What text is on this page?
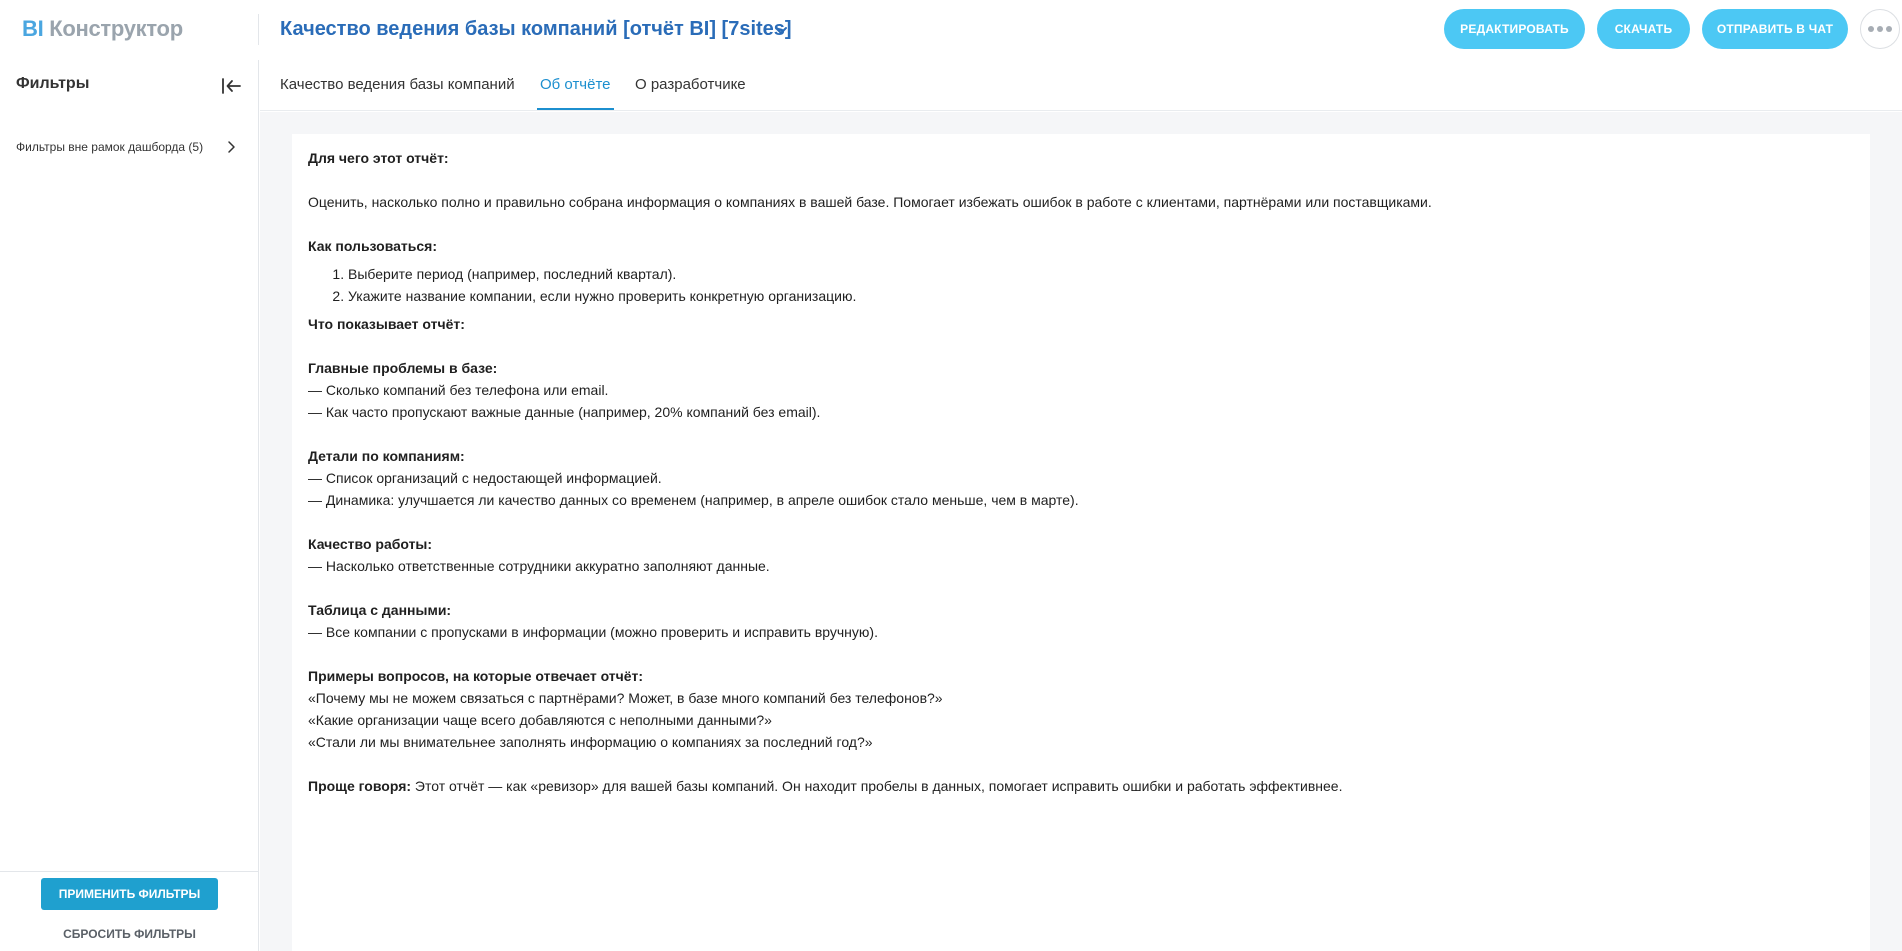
BI Конструктор	Качество ведения базы компаний [отчёт BI] [7sites]	РЕДАКТИРОВАТЬ	СКАЧАТЬ	ОТПРАВИТЬ В ЧАТ
Фильтры
Фильтры вне рамок дашборда (5)
ПРИМЕНИТЬ ФИЛЬТРЫ
СБРОСИТЬ ФИЛЬТРЫ
Качество ведения базы компаний Об отчёте О разработчике

Для чего этот отчёт:

Оценить, насколько полно и правильно собрана информация о компаниях в вашей базе. Помогает избежать ошибок в работе с клиентами, партнёрами или поставщиками.

Как пользоваться:

1. Выберите период (например, последний квартал).
2. Укажите название компании, если нужно проверить конкретную организацию.

Что показывает отчёт:

Главные проблемы в базе:

— Сколько компаний без телефона или email.

— Как часто пропускают важные данные (например, 20% компаний без email).

Детали по компаниям:

— Список организаций с недостающей информацией.

— Динамика: улучшается ли качество данных со временем (например, в апреле ошибок стало меньше, чем в марте).

Качество работы:

— Насколько ответственные сотрудники аккуратно заполняют данные.

Таблица с данными:

— Все компании с пропусками в информации (можно проверить и исправить вручную).

Примеры вопросов, на которые отвечает отчёт:

«Почему мы не можем связаться с партнёрами? Может, в базе много компаний без телефонов?»

«Какие организации чаще всего добавляются с неполными данными?»

«Стали ли мы внимательнее заполнять информацию о компаниях за последний год?»

Проще говоря: Этот отчёт — как «ревизор» для вашей базы компаний. Он находит пробелы в данных, помогает исправить ошибки и работать эффективнее.
